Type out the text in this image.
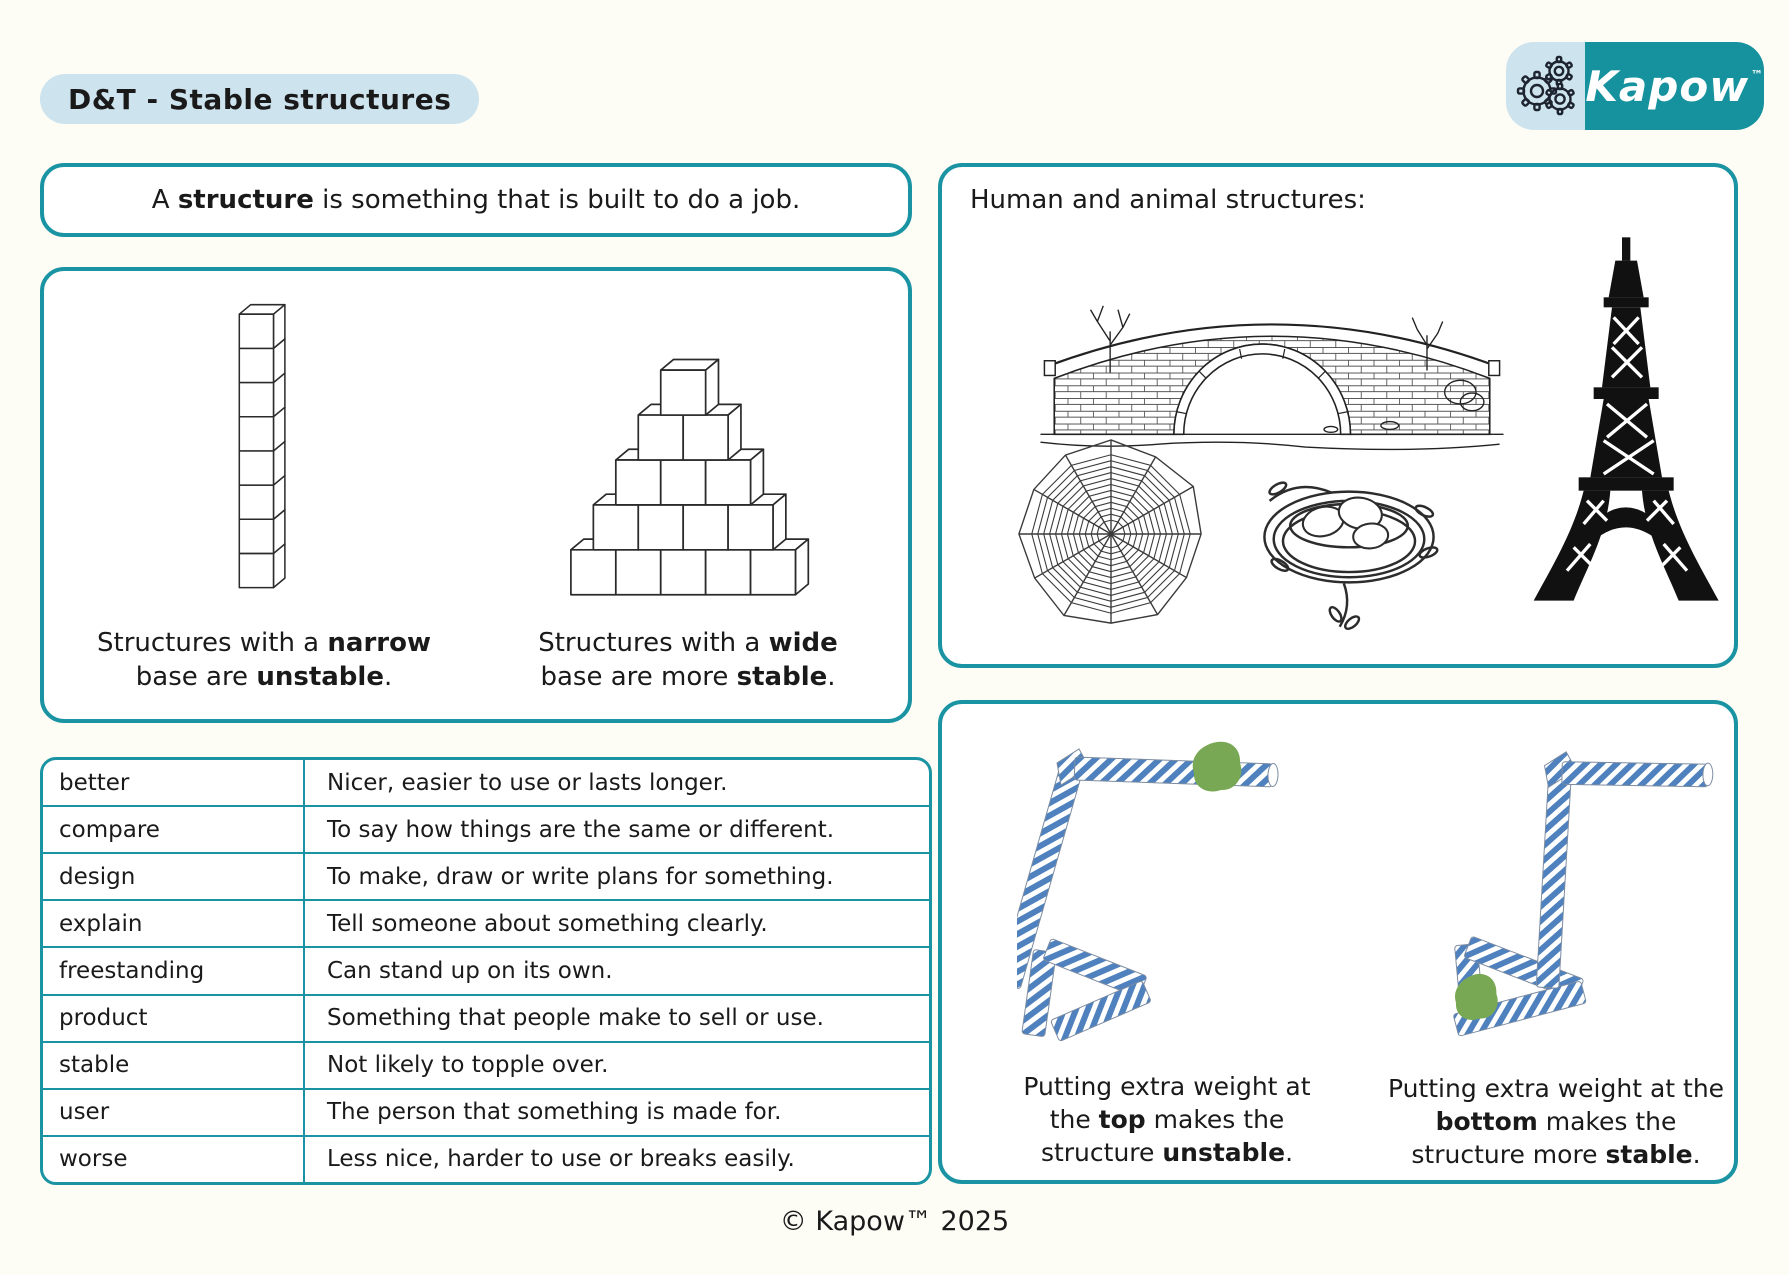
D&T - Stable structures	Kapow™

A structure is something that is built to do a job.

Structures with a narrow base are unstable.

Structures with a wide base are more stable.

better	Nicer, easier to use or lasts longer.
compare	To say how things are the same or different.
design	To make, draw or write plans for something.
explain	Tell someone about something clearly.
freestanding	Can stand up on its own.
product	Something that people make to sell or use.
stable	Not likely to topple over.
user	The person that something is made for.
worse	Less nice, harder to use or breaks easily.
Human and animal structures:

Putting extra weight at the top makes the structure unstable.

Putting extra weight at the bottom makes the structure more stable.

© Kapow™ 2025
